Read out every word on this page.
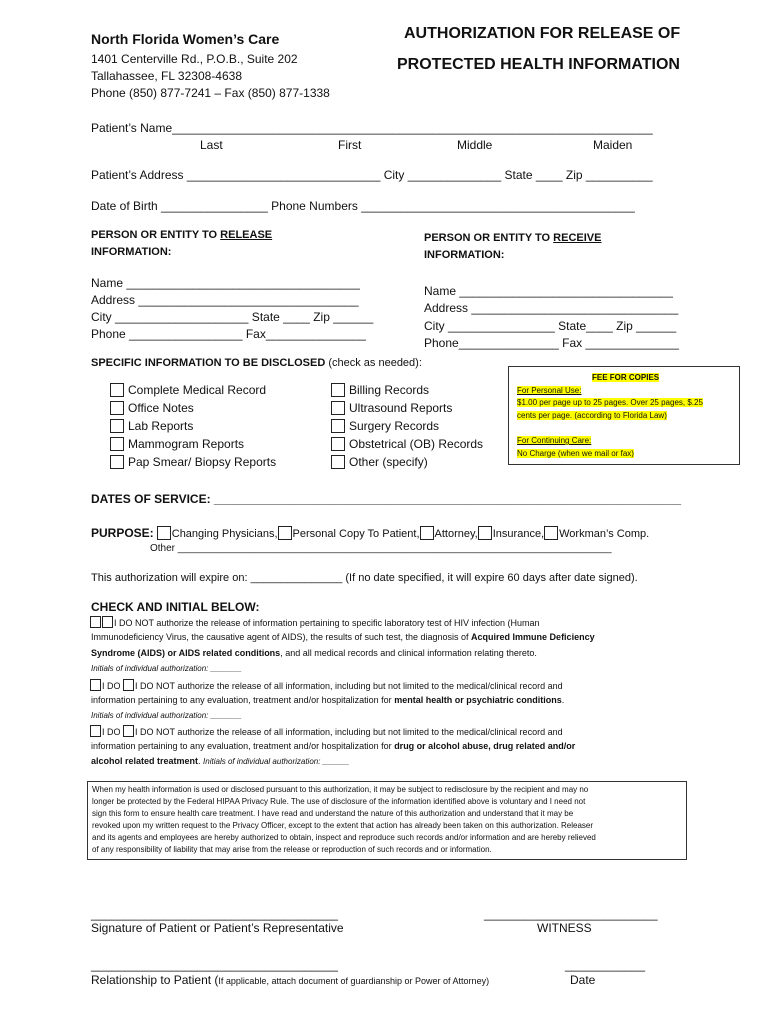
North Florida Women’s Care
1401 Centerville Rd., P.O.B., Suite 202
Tallahassee, FL 32308-4638
Phone (850) 877-7241 – Fax (850) 877-1338
AUTHORIZATION FOR RELEASE OF
PROTECTED HEALTH INFORMATION
Patient’s Name________________________________________________________________________
Last	First	Middle	Maiden
Patient’s Address _____________________________ City ______________ State ____ Zip __________
Date of Birth ________________ Phone Numbers _________________________________________
PERSON OR ENTITY TO RELEASE
INFORMATION:
Name ___________________________________
Address _________________________________
City ____________________ State ____ Zip ______
Phone _________________ Fax_______________
PERSON OR ENTITY TO RECEIVE
INFORMATION:
Name ________________________________
Address _______________________________
City ________________ State____ Zip ______
Phone_______________ Fax ______________
SPECIFIC INFORMATION TO BE DISCLOSED (check as needed):
Complete Medical Record
Office Notes
Lab Reports
Mammogram Reports
Pap Smear/ Biopsy Reports
Billing Records
Ultrasound Reports
Surgery Records
Obstetrical (OB) Records
Other (specify)
FEE FOR COPIES
For Personal Use:
$1.00 per page up to 25 pages. Over 25 pages, $.25
cents per page. (according to Florida Law)
For Continuing Care:
No Charge (when we mail or fax)
DATES OF SERVICE: ______________________________________________________________________
PURPOSE: Changing Physicians, Personal Copy To Patient, Attorney, Insurance, Workman’s Comp.
Other ______________________________________________________________________________
This authorization will expire on: _______________ (If no date specified, it will expire 60 days after date signed).
CHECK AND INITIAL BELOW:
I DO NOT authorize the release of information pertaining to specific laboratory test of HIV infection (Human
Immunodeficiency Virus, the causative agent of AIDS), the results of such test, the diagnosis of Acquired Immune Deficiency
Syndrome (AIDS) or AIDS related conditions, and all medical records and clinical information relating thereto.
Initials of individual authorization: _______
I DO I DO NOT authorize the release of all information, including but not limited to the medical/clinical record and
information pertaining to any evaluation, treatment and/or hospitalization for mental health or psychiatric conditions.
Initials of individual authorization: _______
I DO I DO NOT authorize the release of all information, including but not limited to the medical/clinical record and
information pertaining to any evaluation, treatment and/or hospitalization for drug or alcohol abuse, drug related and/or
alcohol related treatment. Initials of individual authorization: ______
When my health information is used or disclosed pursuant to this authorization, it may be subject to redisclosure by the recipient and may no
longer be protected by the Federal HIPAA Privacy Rule. The use of disclosure of the information identified above is voluntary and I need not
sign this form to ensure health care treatment. I have read and understand the nature of this authorization and understand that it may be
revoked upon my written request to the Privacy Officer, except to the extent that action has already been taken on this authorization. Releaser
and its agents and employees are hereby authorized to obtain, inspect and reproduce such records and/or information and are hereby relieved
of any responsibility of liability that may arise from the release or reproduction of such records and or information.
_____________________________________
Signature of Patient or Patient’s Representative
__________________________
WITNESS
_____________________________________
Relationship to Patient (If applicable, attach document of guardianship or Power of Attorney)
____________
Date
